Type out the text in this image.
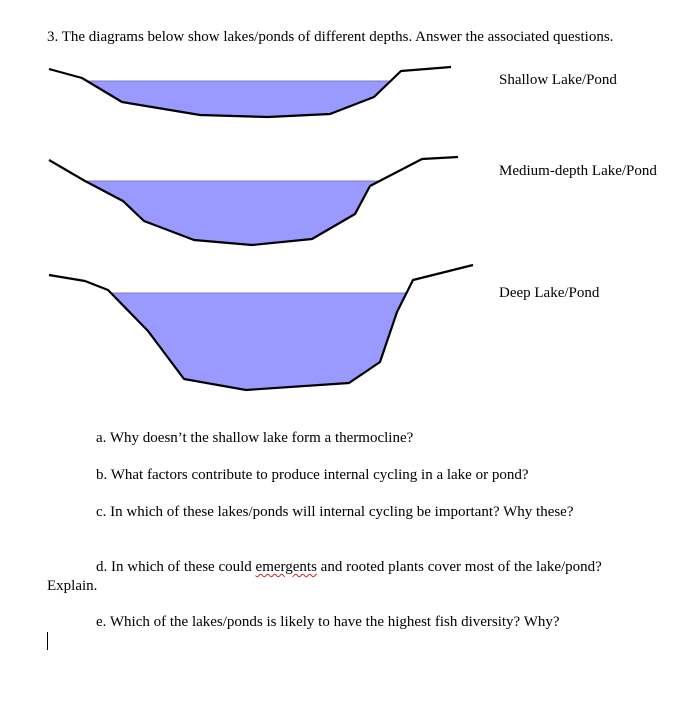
3. The diagrams below show lakes/ponds of different depths. Answer the associated questions.
Shallow Lake/Pond
Medium-depth Lake/Pond
Deep Lake/Pond
a. Why doesn’t the shallow lake form a thermocline?
b. What factors contribute to produce internal cycling in a lake or pond?
c. In which of these lakes/ponds will internal cycling be important? Why these?
d. In which of these could emergents and rooted plants cover most of the lake/pond?
Explain.
e. Which of the lakes/ponds is likely to have the highest fish diversity? Why?
